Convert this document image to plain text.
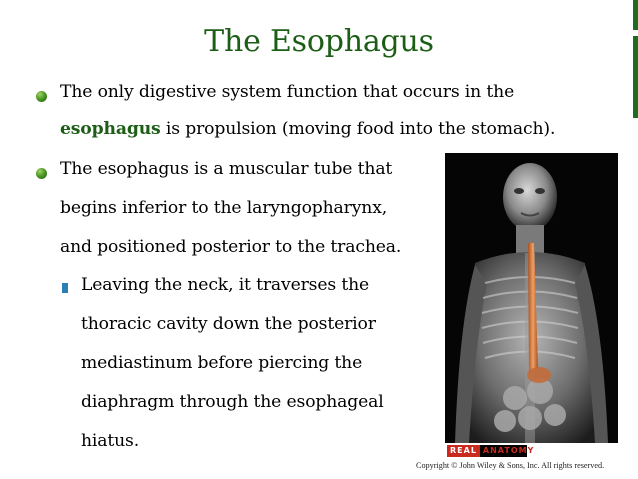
The Esophagus
The only digestive system function that occurs in the
esophagus is propulsion (moving food into the stomach).
The esophagus is a muscular tube that
begins inferior to the laryngopharynx,
and positioned posterior to the trachea.
Leaving the neck, it traverses the
thoracic cavity down the posterior
mediastinum before piercing the
diaphragm through the esophageal
hiatus.	REAL ANATOMY
Copyright © John Wiley & Sons, Inc. All rights reserved.
